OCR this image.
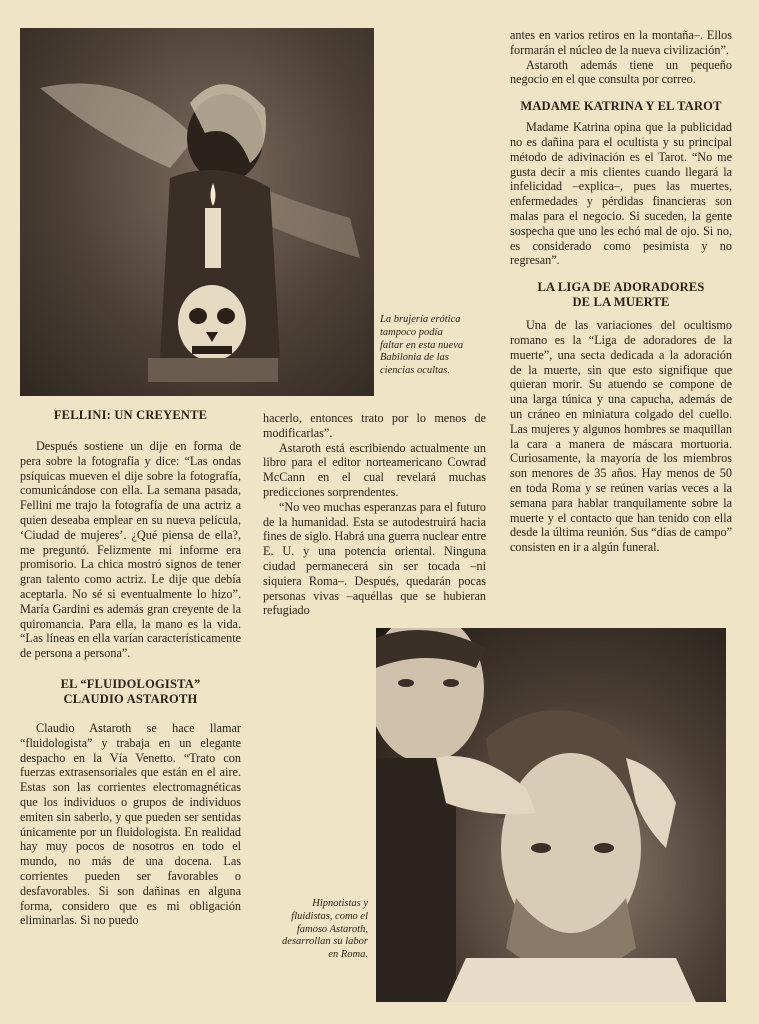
La brujería erótica tampoco podía faltar en esta nueva Babilonia de las ciencias ocultas.
FELLINI: UN CREYENTE

Después sostiene un dije en forma de pera sobre la fotografía y dice: “Las ondas psíquicas mueven el dije sobre la fotografía, comunicándose con ella. La semana pasada, Fellini me trajo la fotografía de una actriz a quien deseaba emplear en su nueva película, ‘Ciudad de mujeres’. ¿Qué piensa de ella?, me preguntó. Felizmente mi informe era promisorio. La chica mostró signos de tener gran talento como actriz. Le dije que debía aceptarla. No sé si eventualmente lo hizo”. María Gardini es además gran creyente de la quiromancia. Para ella, la mano es la vida. “Las líneas en ella varían característicamente de persona a persona”.

EL “FLUIDOLOGISTA”
CLAUDIO ASTAROTH

Claudio Astaroth se hace llamar “fluidologista” y trabaja en un elegante despacho en la Vía Venetto. “Trato con fuerzas extrasensoriales que están en el aire. Estas son las corrientes electromagnéticas que los individuos o grupos de individuos emiten sin saberlo, y que pueden ser sentidas únicamente por un fluidologista. En realidad hay muy pocos de nosotros en todo el mundo, no más de una docena. Las corrientes pueden ser favorables o desfavorables. Si son dañinas en alguna forma, considero que es mi obligación eliminarlas. Si no puedo

hacerlo, entonces trato por lo menos de modificarlas”.

Astaroth está escribiendo actualmente un libro para el editor norteamericano Cowrad McCann en el cual revelará muchas predicciones sorprendentes.

“No veo muchas esperanzas para el futuro de la humanidad. Esta se autodestruirá hacia fines de siglo. Habrá una guerra nuclear entre E. U. y una potencia oriental. Ninguna ciudad permanecerá sin ser tocada –ni siquiera Roma–. Después, quedarán pocas personas vivas –aquéllas que se hubieran refugiado

antes en varios retiros en la montaña–. Ellos formarán el núcleo de la nueva civilización”.

Astaroth además tiene un pequeño negocio en el que consulta por correo.

MADAME KATRINA Y EL TAROT

Madame Katrina opina que la publicidad no es dañina para el ocultista y su principal método de adivinación es el Tarot. “No me gusta decir a mis clientes cuando llegará la infelicidad –explica–, pues las muertes, enfermedades y pérdidas financieras son malas para el negocio. Si suceden, la gente sospecha que uno les echó mal de ojo. Si no, es considerado como pesimista y no regresan”.

LA LIGA DE ADORADORES
DE LA MUERTE

Una de las variaciones del ocultismo romano es la “Liga de adoradores de la muerte”, una secta dedicada a la adoración de la muerte, sin que esto signifique que quieran morir. Su atuendo se compone de una larga túnica y una capucha, además de un cráneo en miniatura colgado del cuello. Las mujeres y algunos hombres se maquillan la cara a manera de máscara mortuoria. Curiosamente, la mayoría de los miembros son menores de 35 años. Hay menos de 50 en toda Roma y se reúnen varias veces a la semana para hablar tranquilamente sobre la muerte y el contacto que han tenido con ella desde la última reunión. Sus “días de campo” consisten en ir a algún funeral.

Hipnotistas y fluidistas, como el famoso Astaroth, desarrollan su labor en Roma.
